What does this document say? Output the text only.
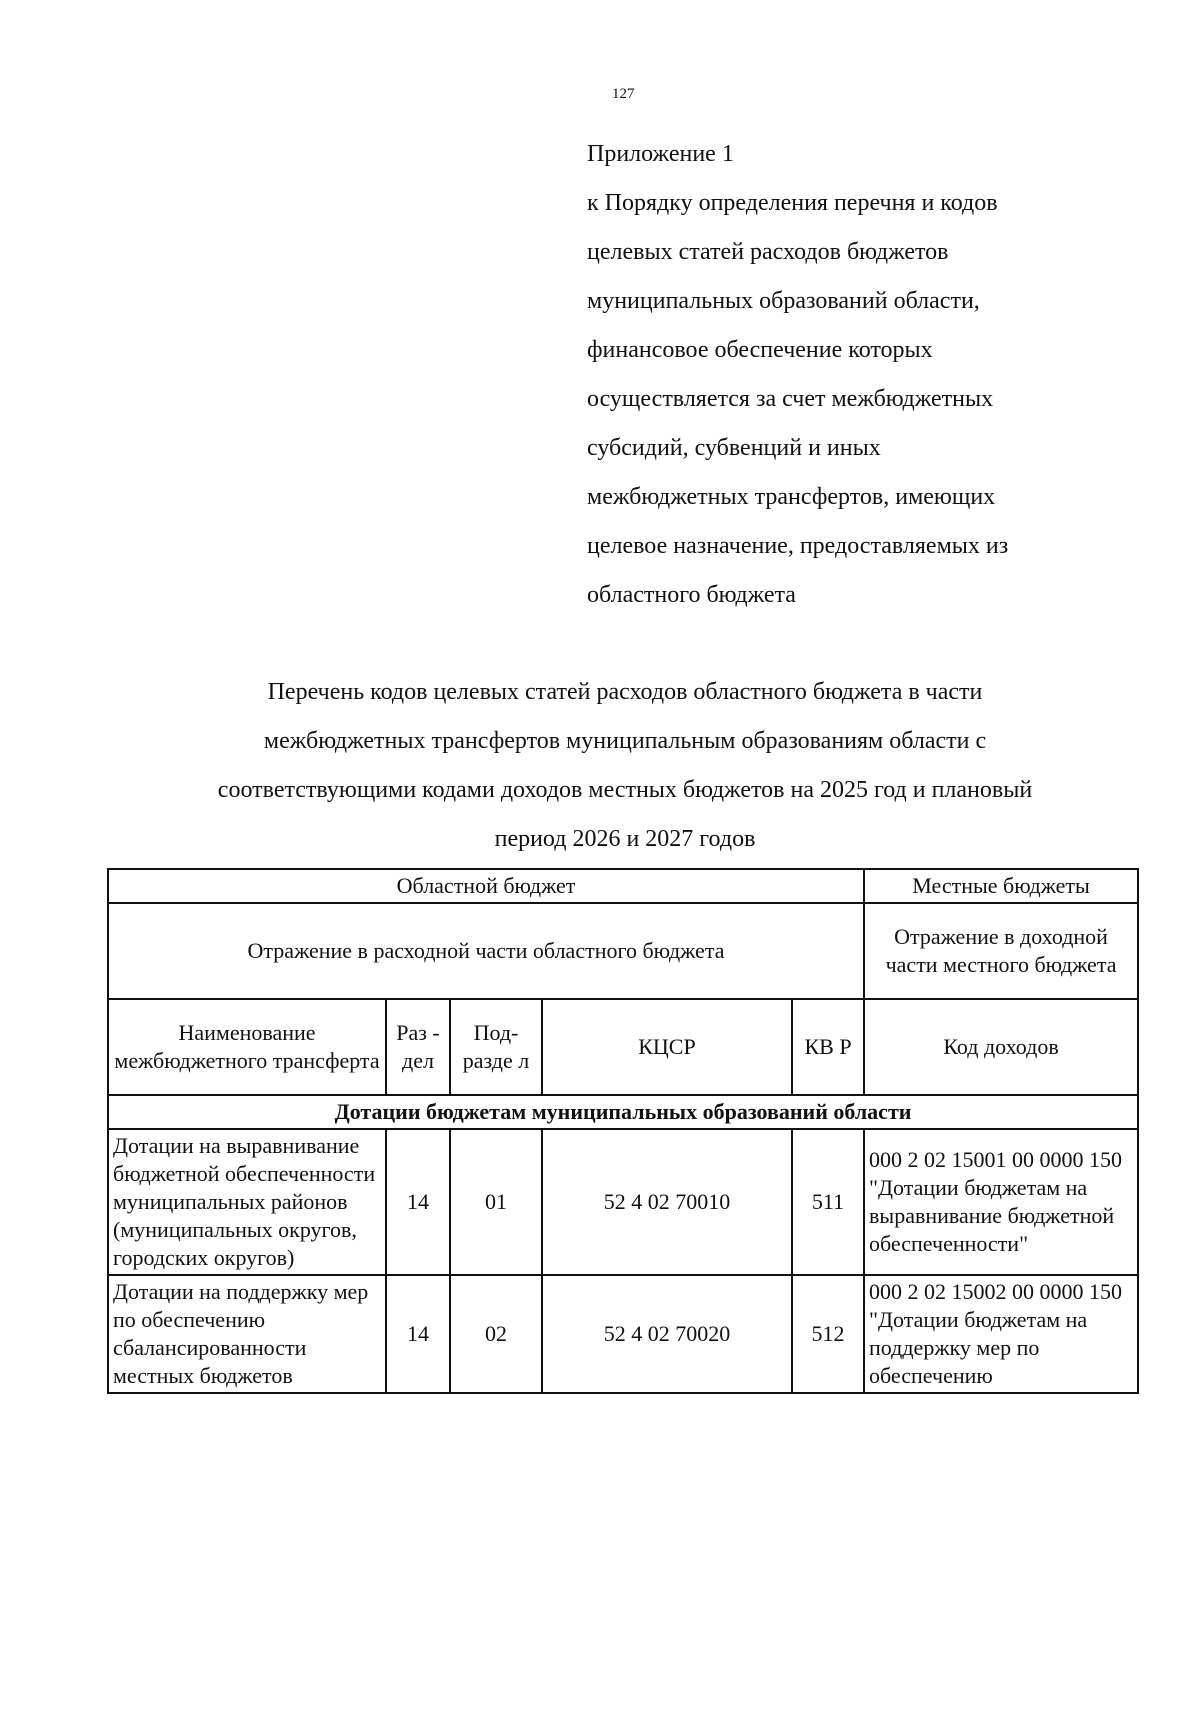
127
Приложение 1
к Порядку определения перечня и кодов
целевых статей расходов бюджетов
муниципальных образований области,
финансовое обеспечение которых
осуществляется за счет межбюджетных
субсидий, субвенций и иных
межбюджетных трансфертов, имеющих
целевое назначение, предоставляемых из
областного бюджета
Перечень кодов целевых статей расходов областного бюджета в части
межбюджетных трансфертов муниципальным образованиям области с
соответствующими кодами доходов местных бюджетов на 2025 год и плановый
период 2026 и 2027 годов
Областной бюджет					Местные бюджеты
Отражение в расходной части областного бюджета					Отражение в доходной части местного бюджета
Наименование межбюджетного трансферта	Раз - дел	Под- разде л	КЦСР	КВ Р	Код доходов
Дотации бюджетам муниципальных образований области					
Дотации на выравнивание бюджетной обеспеченности муниципальных районов (муниципальных округов, городских округов)	14	01	52 4 02 70010	511	000 2 02 15001 00 0000 150 "Дотации бюджетам на выравнивание бюджетной обеспеченности"
Дотации на поддержку мер по обеспечению сбалансированности местных бюджетов	14	02	52 4 02 70020	512	000 2 02 15002 00 0000 150 "Дотации бюджетам на поддержку мер по обеспечению
